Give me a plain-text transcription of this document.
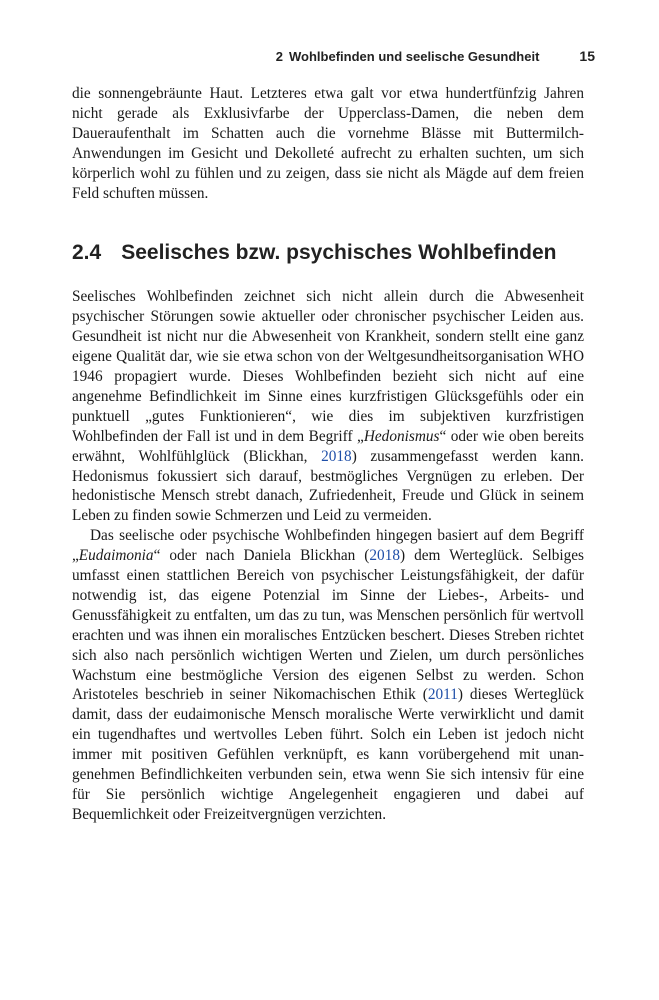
2 Wohlbefinden und seelische Gesundheit	15

die sonnengebräunte Haut. Letzteres etwa galt vor etwa hundertfünfzig Jahren nicht gerade als Exklusivfarbe der Upperclass-Damen, die neben dem Daueraufenthalt im Schatten auch die vornehme Blässe mit Buttermilch-Anwendungen im Gesicht und Dekolleté aufrecht zu erhalten suchten, um sich körperlich wohl zu fühlen und zu zeigen, dass sie nicht als Mägde auf dem freien Feld schuften müssen.

2.4 Seelisches bzw. psychisches Wohlbefinden

Seelisches Wohlbefinden zeichnet sich nicht allein durch die Abwesenheit psychischer Störungen sowie aktueller oder chronischer psychischer Leiden aus. Gesundheit ist nicht nur die Abwesenheit von Krankheit, sondern stellt eine ganz eigene Qualität dar, wie sie etwa schon von der Weltgesundheitsorganisation WHO 1946 propagiert wurde. Dieses Wohlbefinden bezieht sich nicht auf eine angenehme Befindlichkeit im Sinne eines kurzfristigen Glücksgefühls oder ein punktuell „gutes Funktionieren“, wie dies im subjektiven kurzfristigen Wohlbefinden der Fall ist und in dem Begriff „Hedonismus“ oder wie oben bereits erwähnt, Wohlfühlglück (Blickhan, 2018) zusammengefasst werden kann. Hedonismus fokussiert sich darauf, bestmögliches Vergnügen zu erleben. Der hedonistische Mensch strebt danach, Zufriedenheit, Freude und Glück in seinem Leben zu finden sowie Schmerzen und Leid zu vermeiden.

Das seelische oder psychische Wohlbefinden hingegen basiert auf dem Begriff „Eudaimonia“ oder nach Daniela Blickhan (2018) dem Werteglück. Selbiges umfasst einen stattlichen Bereich von psychischer Leistungsfähigkeit, der dafür notwendig ist, das eigene Potenzial im Sinne der Liebes-, Arbeits- und Genussfähigkeit zu entfalten, um das zu tun, was Menschen persönlich für wertvoll erachten und was ihnen ein moralisches Entzücken beschert. Dieses Streben richtet sich also nach persönlich wichtigen Werten und Zielen, um durch persönliches Wachstum eine bestmögliche Version des eigenen Selbst zu werden. Schon Aristoteles beschrieb in seiner Nikomachischen Ethik (2011) dieses Werteglück damit, dass der eudaimonische Mensch moralische Werte verwirklicht und damit ein tugendhaftes und wertvolles Leben führt. Solch ein Leben ist jedoch nicht immer mit positiven Gefühlen verknüpft, es kann vorübergehend mit unangenehmen Befindlichkeiten verbunden sein, etwa wenn Sie sich intensiv für eine für Sie persönlich wichtige Angelegenheit engagieren und dabei auf Bequemlichkeit oder Freizeitvergnügen verzichten.
